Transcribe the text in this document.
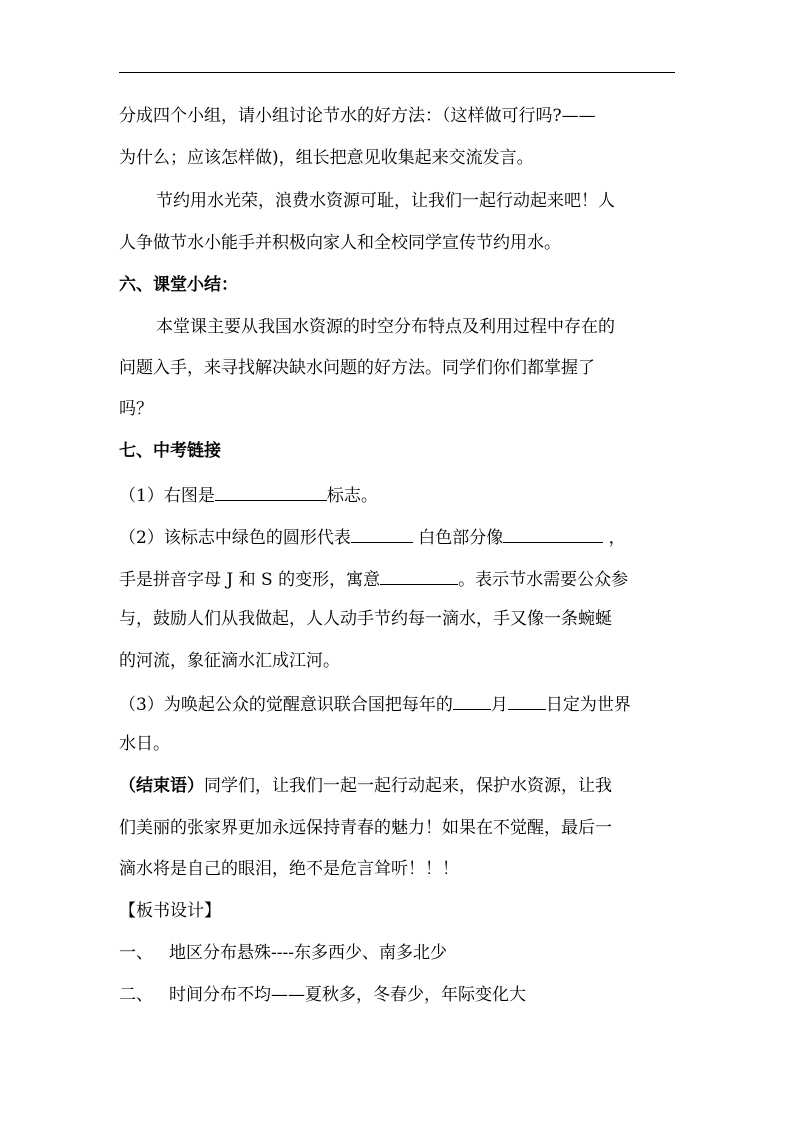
分成四个小组，请小组讨论节水的好方法：（这样做可行吗?——
为什么；应该怎样做)，组长把意见收集起来交流发言。
节约用水光荣，浪费水资源可耻，让我们一起行动起来吧！人
人争做节水小能手并积极向家人和全校同学宣传节约用水。
六、课堂小结：
本堂课主要从我国水资源的时空分布特点及利用过程中存在的
问题入手，来寻找解决缺水问题的好方法。同学们你们都掌握了
吗？
七、中考链接
（1）右图是	标志。
（2）该标志中绿色的圆形代表	白色部分像	，
手是拼音字母 J 和 S 的变形，寓意	。表示节水需要公众参
与，鼓励人们从我做起，人人动手节约每一滴水，手又像一条蜿蜒
的河流，象征滴水汇成江河。
（3）为唤起公众的觉醒意识联合国把每年的 月 日定为世界
水日。
（结束语）同学们，让我们一起一起行动起来，保护水资源，让我
们美丽的张家界更加永远保持青春的魅力！如果在不觉醒，最后一
滴水将是自己的眼泪，绝不是危言耸听！！！
【板书设计】
一、 地区分布悬殊----东多西少、南多北少
二、 时间分布不均——夏秋多，冬春少，年际变化大
